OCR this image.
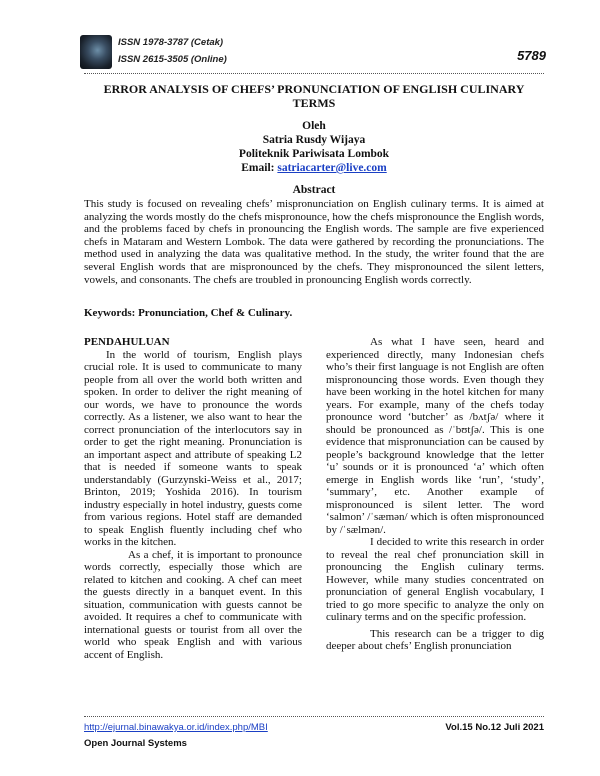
ISSN 1978-3787 (Cetak)
ISSN 2615-3505 (Online)	5789
ERROR ANALYSIS OF CHEFS’ PRONUNCIATION OF ENGLISH CULINARY TERMS
Oleh
Satria Rusdy Wijaya
Politeknik Pariwisata Lombok
Email: satriacarter@live.com
Abstract

This study is focused on revealing chefs’ mispronunciation on English culinary terms. It is aimed at analyzing the words mostly do the chefs mispronounce, how the chefs mispronounce the English words, and the problems faced by chefs in pronouncing the English words. The sample are five experienced chefs in Mataram and Western Lombok. The data were gathered by recording the pronunciations. The method used in analyzing the data was qualitative method. In the study, the writer found that the are several English words that are mispronounced by the chefs. They mispronounced the silent letters, vowels, and consonants. The chefs are troubled in pronouncing English words correctly.

Keywords: Pronunciation, Chef & Culinary.

PENDAHULUAN

In the world of tourism, English plays crucial role. It is used to communicate to many people from all over the world both written and spoken. In order to deliver the right meaning of our words, we have to pronounce the words correctly. As a listener, we also want to hear the correct pronunciation of the interlocutors say in order to get the right meaning. Pronunciation is an important aspect and attribute of speaking L2 that is needed if someone wants to speak understandably (Gurzynski-Weiss et al., 2017; Brinton, 2019; Yoshida 2016). In tourism industry especially in hotel industry, guests come from various regions. Hotel staff are demanded to speak English fluently including chef who works in the kitchen.

As a chef, it is important to pronounce words correctly, especially those which are related to kitchen and cooking. A chef can meet the guests directly in a banquet event. In this situation, communication with guests cannot be avoided. It requires a chef to communicate with international guests or tourist from all over the world who speak English and with various accent of English.

As what I have seen, heard and experienced directly, many Indonesian chefs who’s their first language is not English are often mispronouncing those words. Even though they have been working in the hotel kitchen for many years. For example, many of the chefs today pronounce word ‘butcher’ as /bʌtʃə/ where it should be pronounced as /ˈbʊtʃə/. This is one evidence that mispronunciation can be caused by people’s background knowledge that the letter ‘u’ sounds or it is pronounced ‘a’ which often emerge in English words like ‘run’, ‘study’, ‘summary’, etc. Another example of mispronounced is silent letter. The word ‘salmon’ /ˈsæmən/ which is often mispronounced by /ˈsælmən/.

I decided to write this research in order to reveal the real chef pronunciation skill in pronouncing the English culinary terms. However, while many studies concentrated on pronunciation of general English vocabulary, I tried to go more specific to analyze the only on culinary terms and on the specific profession.

This research can be a trigger to dig deeper about chefs’ English pronunciation

http://ejurnal.binawakya.or.id/index.php/MBI	Vol.15 No.12 Juli 2021
Open Journal Systems
